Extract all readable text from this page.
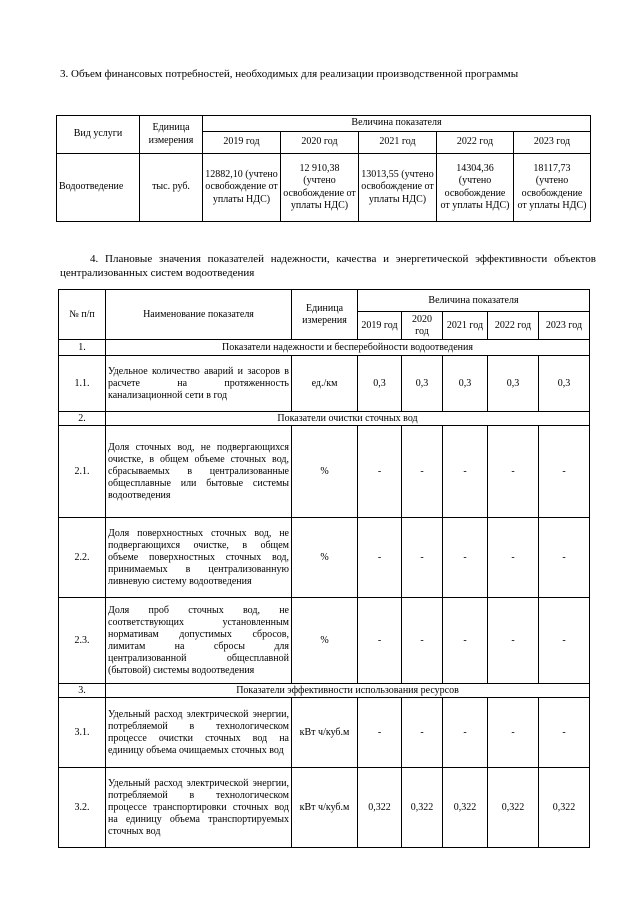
3. Объем финансовых потребностей, необходимых для реализации производственной программы
Вид услуги	Единица измерения	Величина показателя				
		2019 год	2020 год	2021 год	2022 год	2023 год
Водоотведение	тыс. руб.	12882,10 (учтено освобождение от уплаты НДС)	12 910,38 (учтено освобождение от уплаты НДС)	13013,55 (учтено освобождение от уплаты НДС)	14304,36 (учтено освобождение от уплаты НДС)	18117,73 (учтено освобождение от уплаты НДС)
4. Плановые значения показателей надежности, качества и энергетической эффективности объектов централизованных систем водоотведения
№ п/п	Наименование показателя	Единица измерения	Величина показателя				
			2019 год	2020 год	2021 год	2022 год	2023 год
1.	Показатели надежности и бесперебойности водоотведения						
1.1.	Удельное количество аварий и засоров в расчете на протяженность канализационной сети в год	ед./км	0,3	0,3	0,3	0,3	0,3
2.	Показатели очистки сточных вод						
2.1.	Доля сточных вод, не подвергающихся очистке, в общем объеме сточных вод, сбрасываемых в централизованные общесплавные или бытовые системы водоотведения	%	-	-	-	-	-
2.2.	Доля поверхностных сточных вод, не подвергающихся очистке, в общем объеме поверхностных сточных вод, принимаемых в централизованную ливневую систему водоотведения	%	-	-	-	-	-
2.3.	Доля проб сточных вод, не соответствующих установленным нормативам допустимых сбросов, лимитам на сбросы для централизованной общесплавной (бытовой) системы водоотведения	%	-	-	-	-	-
3.	Показатели эффективности использования ресурсов						
3.1.	Удельный расход электрической энергии, потребляемой в технологическом процессе очистки сточных вод на единицу объема очищаемых сточных вод	кВт ч/куб.м	-	-	-	-	-
3.2.	Удельный расход электрической энергии, потребляемой в технологическом процессе транспортировки сточных вод на единицу объема транспортируемых сточных вод	кВт ч/куб.м	0,322	0,322	0,322	0,322	0,322
